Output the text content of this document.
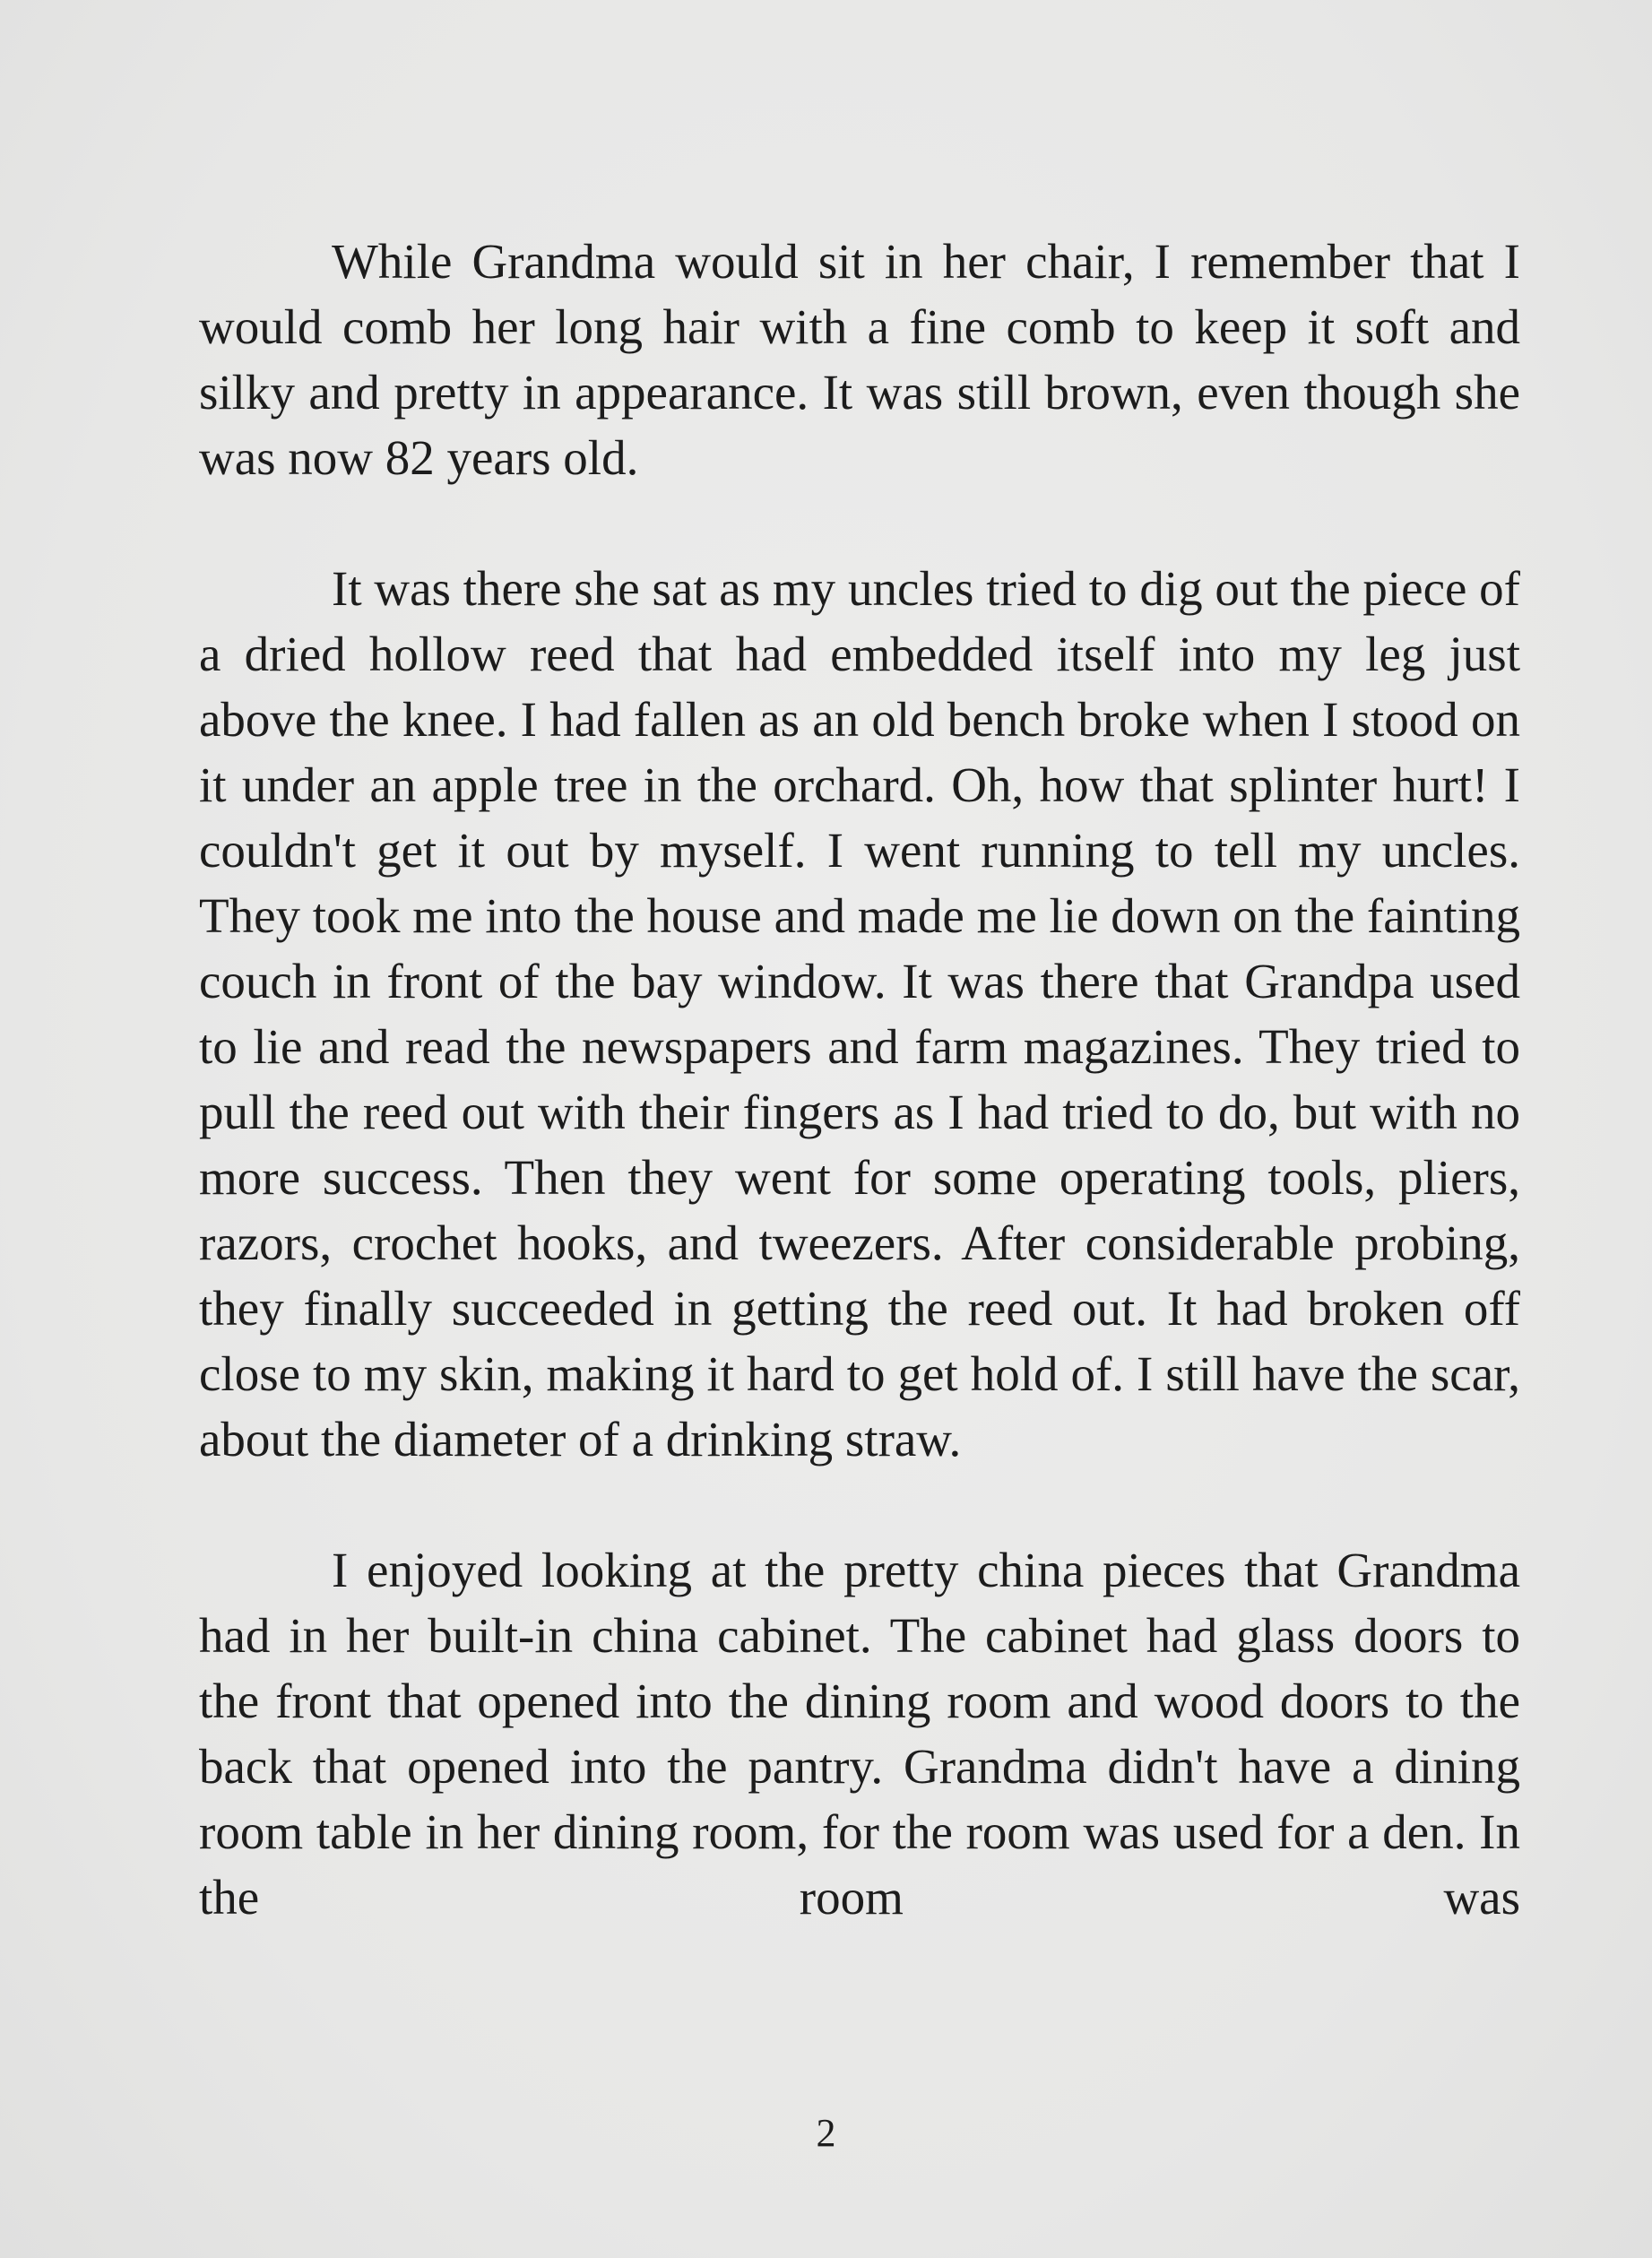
While Grandma would sit in her chair, I remember that I would comb her long hair with a fine comb to keep it soft and silky and pretty in appearance. It was still brown, even though she was now 82 years old.

It was there she sat as my uncles tried to dig out the piece of a dried hollow reed that had embedded itself into my leg just above the knee. I had fallen as an old bench broke when I stood on it under an apple tree in the orchard. Oh, how that splinter hurt! I couldn't get it out by myself. I went running to tell my uncles. They took me into the house and made me lie down on the fainting couch in front of the bay window. It was there that Grandpa used to lie and read the newspapers and farm magazines. They tried to pull the reed out with their fingers as I had tried to do, but with no more success. Then they went for some operating tools, pliers, razors, crochet hooks, and tweezers. After considerable probing, they finally succeeded in getting the reed out. It had broken off close to my skin, making it hard to get hold of. I still have the scar, about the diameter of a drinking straw.

I enjoyed looking at the pretty china pieces that Grandma had in her built-in china cabinet. The cabinet had glass doors to the front that opened into the dining room and wood doors to the back that opened into the pantry. Grandma didn't have a dining room table in her dining room, for the room was used for a den. In the room was

2
